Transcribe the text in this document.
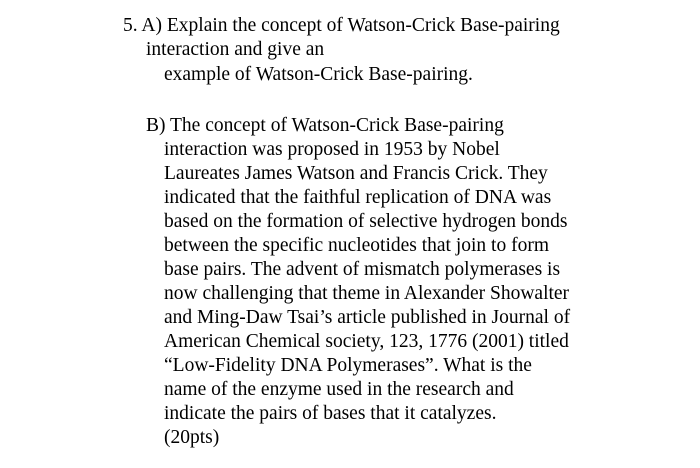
5. A) Explain the concept of Watson-Crick Base-pairing
interaction and give an
example of Watson-Crick Base-pairing.
B) The concept of Watson-Crick Base-pairing
interaction was proposed in 1953 by Nobel
Laureates James Watson and Francis Crick. They
indicated that the faithful replication of DNA was
based on the formation of selective hydrogen bonds
between the specific nucleotides that join to form
base pairs. The advent of mismatch polymerases is
now challenging that theme in Alexander Showalter
and Ming-Daw Tsai’s article published in Journal of
American Chemical society, 123, 1776 (2001) titled
“Low-Fidelity DNA Polymerases”. What is the
name of the enzyme used in the research and
indicate the pairs of bases that it catalyzes.
(20pts)
